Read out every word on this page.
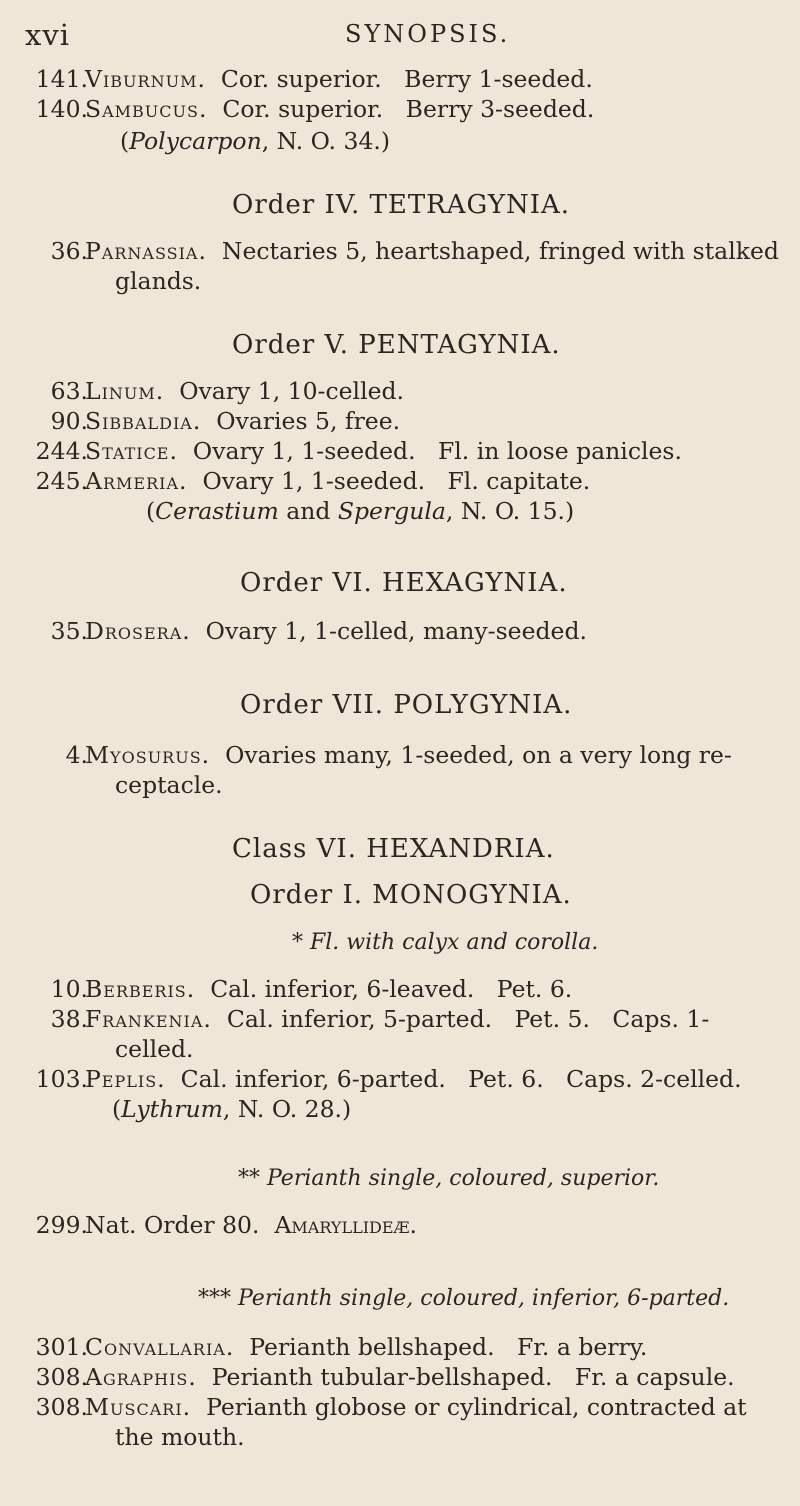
xvi	SYNOPSIS.
141.
Viburnum. Cor. superior.   Berry 1-seeded.
140.
Sambucus. Cor. superior.   Berry 3-seeded.
(Polycarpon, N. O. 34.)
Order IV. TETRAGYNIA.
36.
Parnassia. Nectaries 5, heartshaped, fringed with stalked
glands.
Order V. PENTAGYNIA.
63.
Linum. Ovary 1, 10-celled.
90.
Sibbaldia. Ovaries 5, free.
244.
Statice. Ovary 1, 1-seeded.   Fl. in loose panicles.
245.
Armeria. Ovary 1, 1-seeded.   Fl. capitate.
(Cerastium and Spergula, N. O. 15.)
Order VI. HEXAGYNIA.
35.
Drosera. Ovary 1, 1-celled, many-seeded.
Order VII. POLYGYNIA.
4.
Myosurus. Ovaries many, 1-seeded, on a very long re-
ceptacle.
Class VI. HEXANDRIA.
Order I. MONOGYNIA.
* Fl. with calyx and corolla.
10.
Berberis. Cal. inferior, 6-leaved.   Pet. 6.
38.
Frankenia. Cal. inferior, 5-parted.   Pet. 5.   Caps. 1-
celled.
103.
Peplis. Cal. inferior, 6-parted.   Pet. 6.   Caps. 2-celled.
(Lythrum, N. O. 28.)
** Perianth single, coloured, superior.
299.
Nat. Order 80. Amaryllideæ.
*** Perianth single, coloured, inferior, 6-parted.
301.
Convallaria. Perianth bellshaped.   Fr. a berry.
308.
Agraphis. Perianth tubular-bellshaped.   Fr. a capsule.
308.
Muscari. Perianth globose or cylindrical, contracted at
the mouth.
